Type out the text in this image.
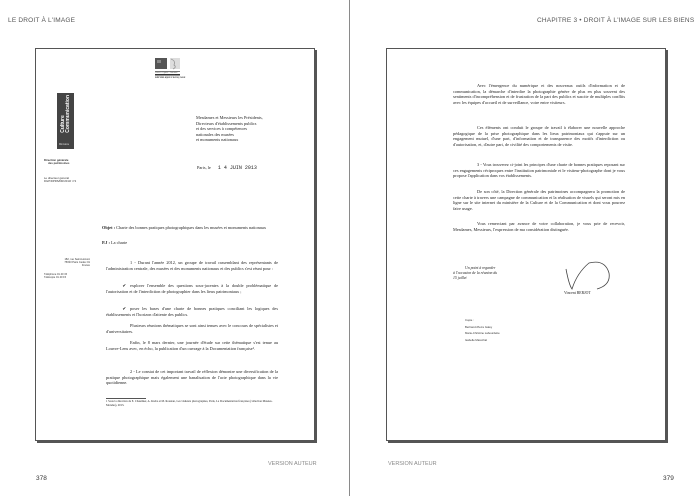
LE DROIT À L'IMAGE
Liberté • Égalité • Fraternité
RÉPUBLIQUE FRANÇAISE
Culture
Communication
Ministère
Direction générale
des patrimoines
Le directeur général
DGP/DPRS/DR/2013/ n°2
182, rue Saint-Honoré
75033 Paris Cedex 01
France
Téléphone 01 40 15
Télécopie 01 40 15
Mesdames et Messieurs les Présidents,
Directeurs d'établissements publics
et des services à compétences
nationales des musées
et monuments nationaux
Paris, le 1 4 JUIN 2013
Objet : Charte des bonnes pratiques photographiques dans les musées et monuments nationaux
P.J : La charte
1 - Durant l'année 2012, un groupe de travail rassemblant des représentants de l'administration centrale, des musées et des monuments nationaux et des publics s'est réuni pour :
✔ explorer l'ensemble des questions sous-jacentes à la double problématique de l'autorisation et de l'interdiction de photographier dans les lieux patrimoniaux ;
✔ poser les bases d'une charte de bonnes pratiques conciliant les logiques des établissements et l'horizon d'attente des publics.
Plusieurs réunions thématiques se sont ainsi tenues avec le concours de spécialistes et d'universitaires.
Enfin, le 8 mars dernier, une journée d'étude sur cette thématique s'est tenue au Louvre-Lens avec, en écho, la publication d'un ouvrage à la Documentation française¹.
2 - Le constat de cet important travail de réflexion démontre une diversification de la pratique photographique mais également une banalisation de l'acte photographique dans la vie quotidienne.
1 Sous la direction de E. Chaumier, A. Krebs et M. Roustan, Les visiteurs photographes, Paris, La Documentation française (collection Musées-Mondes), 2013.
VERSION AUTEUR
378
CHAPITRE 3 • DROIT À L'IMAGE SUR LES BIENS
VERSION AUTEUR
379
Avec l'émergence du numérique et des nouveaux outils d'information et de communication, la démarche d'interdire la photographie génère de plus en plus souvent des sentiments d'incompréhension et de frustration de la part des publics et suscite de multiples conflits avec les équipes d'accueil et de surveillance, voire entre visiteurs.
Ces éléments ont conduit le groupe de travail à élaborer une nouvelle approche pédagogique de la prise photographique dans les lieux patrimoniaux qui s'appuie sur un engagement mutuel, d'une part, d'information et de transparence des motifs d'interdiction ou d'autorisation, et, d'autre part, de civilité des comportements de visite.
3 - Vous trouverez ci-joint les principes d'une charte de bonnes pratiques reposant sur ces engagements réciproques entre l'institution patrimoniale et le visiteur-photographe dont je vous propose l'application dans vos établissements.
De son côté, la Direction générale des patrimoines accompagnera la promotion de cette charte à travers une campagne de communication et la réalisation de visuels qui seront mis en ligne sur le site internet du ministère de la Culture et de la Communication et dont vous pourrez faire usage.
Vous remerciant par avance de votre collaboration, je vous prie de recevoir, Mesdames, Messieurs, l'expression de ma considération distinguée.
Un point à regarder
à l'occasion de la réunion du
15 juillet
Vincent BERJOT
Copie :
Bertrand-Pierre Galey
Marie-Christine Labourdette
Isabelle Maréchal
